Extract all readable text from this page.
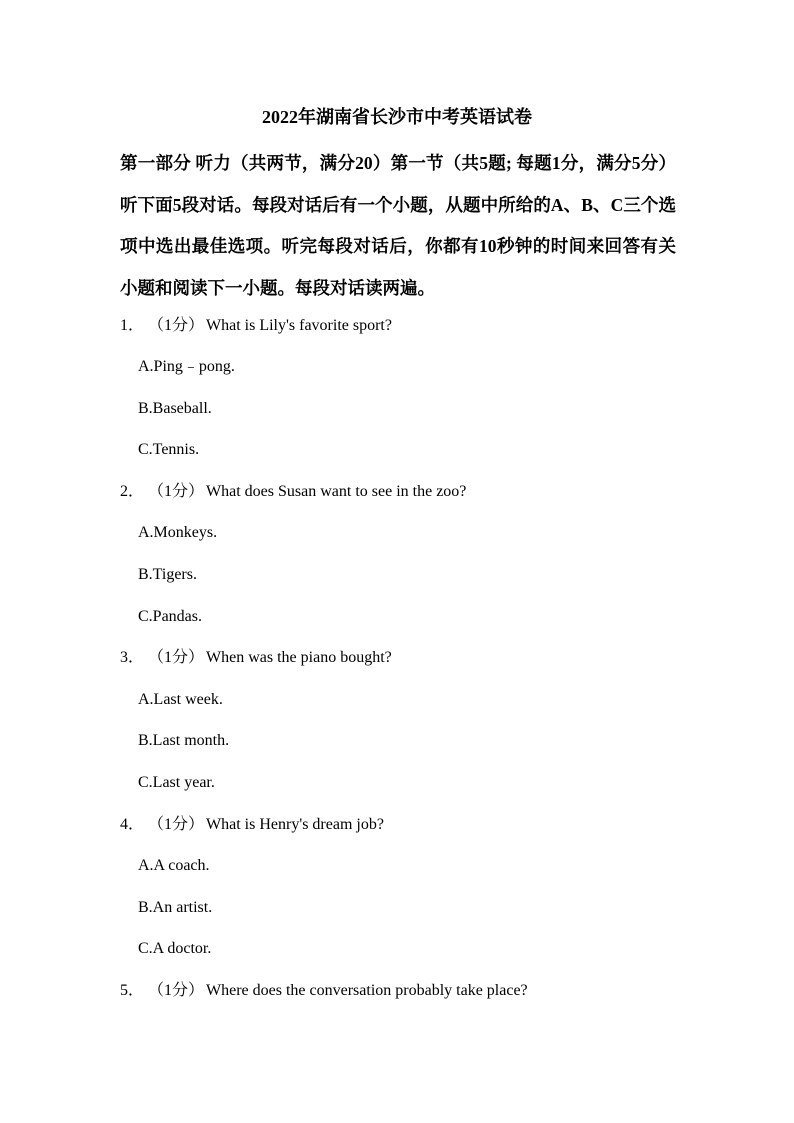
2022年湖南省长沙市中考英语试卷
第一部分 听力（共两节，满分20）第一节（共5题; 每题1分，满分5分）听下面5段对话。每段对话后有一个小题，从题中所给的A、B、C三个选项中选出最佳选项。听完每段对话后，你都有10秒钟的时间来回答有关小题和阅读下一小题。每段对话读两遍。
1． （1分） What is Lily's favorite sport?
A.Ping﹣pong.
B.Baseball.
C.Tennis.
2． （1分） What does Susan want to see in the zoo?
A.Monkeys.
B.Tigers.
C.Pandas.
3． （1分） When was the piano bought?
A.Last week.
B.Last month.
C.Last year.
4． （1分） What is Henry's dream job?
A.A coach.
B.An artist.
C.A doctor.
5． （1分） Where does the conversation probably take place?
